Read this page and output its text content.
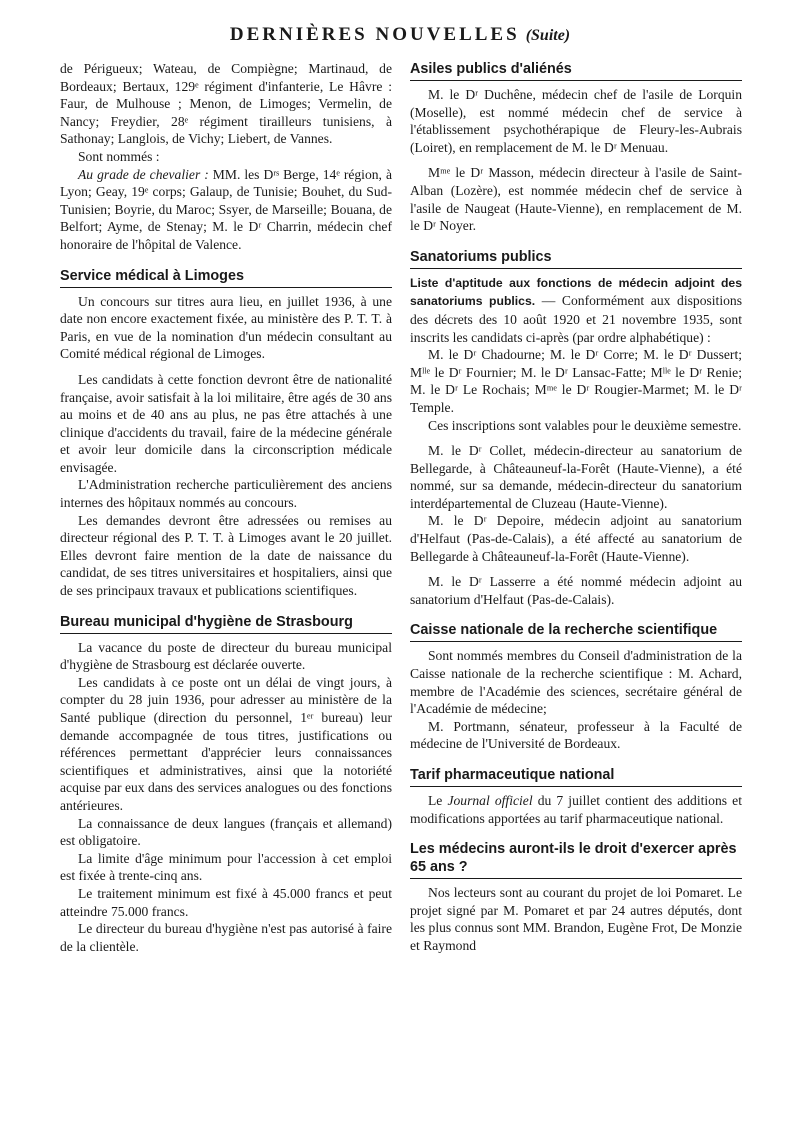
DERNIÈRES NOUVELLES (Suite)

de Périgueux; Wateau, de Compiègne; Martinaud, de Bordeaux; Bertaux, 129ᵉ régiment d'infanterie, Le Hâvre : Faur, de Mulhouse ; Menon, de Limoges; Vermelin, de Nancy; Freydier, 28ᵉ régiment tirailleurs tunisiens, à Sathonay; Langlois, de Vichy; Liebert, de Vannes.

Sont nommés :

Au grade de chevalier : MM. les Dʳˢ Berge, 14ᵉ région, à Lyon; Geay, 19ᵉ corps; Galaup, de Tunisie; Bouhet, du Sud-Tunisien; Boyrie, du Maroc; Ssyer, de Marseille; Bouana, de Belfort; Ayme, de Stenay; M. le Dʳ Charrin, médecin chef honoraire de l'hôpital de Valence.

Service médical à Limoges

Un concours sur titres aura lieu, en juillet 1936, à une date non encore exactement fixée, au ministère des P. T. T. à Paris, en vue de la nomination d'un médecin consultant au Comité médical régional de Limoges.

Les candidats à cette fonction devront être de nationalité française, avoir satisfait à la loi militaire, être agés de 30 ans au moins et de 40 ans au plus, ne pas être attachés à une clinique d'accidents du travail, faire de la médecine générale et avoir leur domicile dans la circonscription médicale envisagée.

L'Administration recherche particulièrement des anciens internes des hôpitaux nommés au concours.

Les demandes devront être adressées ou remises au directeur régional des P. T. T. à Limoges avant le 20 juillet. Elles devront faire mention de la date de naissance du candidat, de ses titres universitaires et hospitaliers, ainsi que de ses principaux travaux et publications scientifiques.

Bureau municipal d'hygiène de Strasbourg

La vacance du poste de directeur du bureau municipal d'hygiène de Strasbourg est déclarée ouverte.

Les candidats à ce poste ont un délai de vingt jours, à compter du 28 juin 1936, pour adresser au ministère de la Santé publique (direction du personnel, 1ᵉʳ bureau) leur demande accompagnée de tous titres, justifications ou références permettant d'apprécier leurs connaissances scientifiques et administratives, ainsi que la notoriété acquise par eux dans des services analogues ou des fonctions antérieures.

La connaissance de deux langues (français et allemand) est obligatoire.

La limite d'âge minimum pour l'accession à cet emploi est fixée à trente-cinq ans.

Le traitement minimum est fixé à 45.000 francs et peut atteindre 75.000 francs.

Le directeur du bureau d'hygiène n'est pas autorisé à faire de la clientèle.

Asiles publics d'aliénés

M. le Dʳ Duchêne, médecin chef de l'asile de Lorquin (Moselle), est nommé médecin chef de service à l'établissement psychothérapique de Fleury-les-Aubrais (Loiret), en remplacement de M. le Dʳ Menuau.

Mᵐᵉ le Dʳ Masson, médecin directeur à l'asile de Saint-Alban (Lozère), est nommée médecin chef de service à l'asile de Naugeat (Haute-Vienne), en remplacement de M. le Dʳ Noyer.

Sanatoriums publics

Liste d'aptitude aux fonctions de médecin adjoint des sanatoriums publics. — Conformément aux dispositions des décrets des 10 août 1920 et 21 novembre 1935, sont inscrits les candidats ci-après (par ordre alphabétique) :

M. le Dʳ Chadourne; M. le Dʳ Corre; M. le Dʳ Dussert; Mˡˡᵉ le Dʳ Fournier; M. le Dʳ Lansac-Fatte; Mˡˡᵉ le Dʳ Renie; M. le Dʳ Le Rochais; Mᵐᵉ le Dʳ Rougier-Marmet; M. le Dʳ Temple.

Ces inscriptions sont valables pour le deuxième semestre.

M. le Dʳ Collet, médecin-directeur au sanatorium de Bellegarde, à Châteauneuf-la-Forêt (Haute-Vienne), a été nommé, sur sa demande, médecin-directeur du sanatorium interdépartemental de Cluzeau (Haute-Vienne).

M. le Dʳ Depoire, médecin adjoint au sanatorium d'Helfaut (Pas-de-Calais), a été affecté au sanatorium de Bellegarde à Châteauneuf-la-Forêt (Haute-Vienne).

M. le Dʳ Lasserre a été nommé médecin adjoint au sanatorium d'Helfaut (Pas-de-Calais).

Caisse nationale de la recherche scientifique

Sont nommés membres du Conseil d'administration de la Caisse nationale de la recherche scientifique : M. Achard, membre de l'Académie des sciences, secrétaire général de l'Académie de médecine;

M. Portmann, sénateur, professeur à la Faculté de médecine de l'Université de Bordeaux.

Tarif pharmaceutique national

Le Journal officiel du 7 juillet contient des additions et modifications apportées au tarif pharmaceutique national.

Les médecins auront-ils le droit d'exercer après 65 ans ?

Nos lecteurs sont au courant du projet de loi Pomaret. Le projet signé par M. Pomaret et par 24 autres députés, dont les plus connus sont MM. Brandon, Eugène Frot, De Monzie et Raymond
